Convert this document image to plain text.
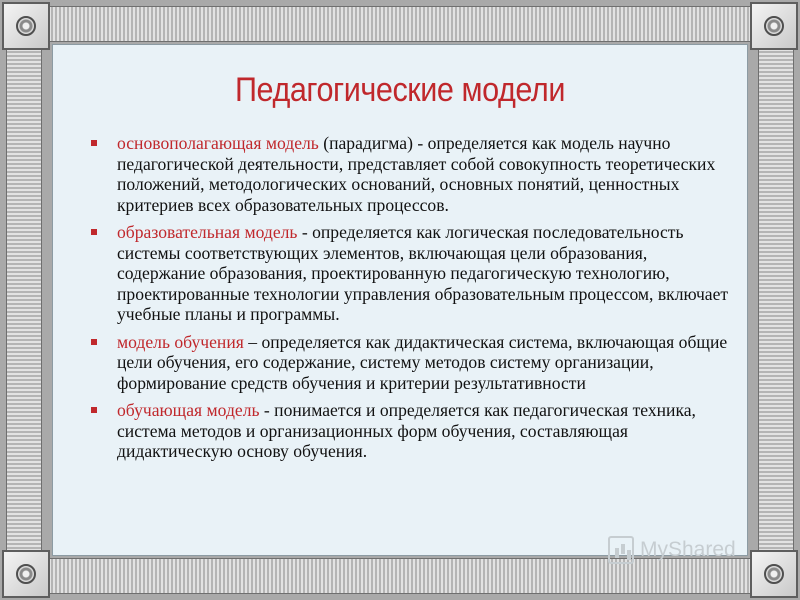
Педагогические модели
основополагающая модель (парадигма) - определяется как модель научно педагогической деятельности, представляет собой совокупность теоретических положений, методологических оснований, основных понятий, ценностных критериев всех образовательных процессов.
образовательная модель - определяется как логическая последовательность системы соответствующих элементов, включающая цели образования, содержание образования, проектированную педагогическую технологию, проектированные технологии управления образовательным процессом, включает учебные планы и программы.
модель обучения – определяется как дидактическая система, включающая общие цели обучения, его содержание, систему методов систему организации, формирование средств обучения и критерии результативности
обучающая модель - понимается и определяется как педагогическая техника, система методов и организационных форм обучения, составляющая дидактическую основу обучения.
MyShared
